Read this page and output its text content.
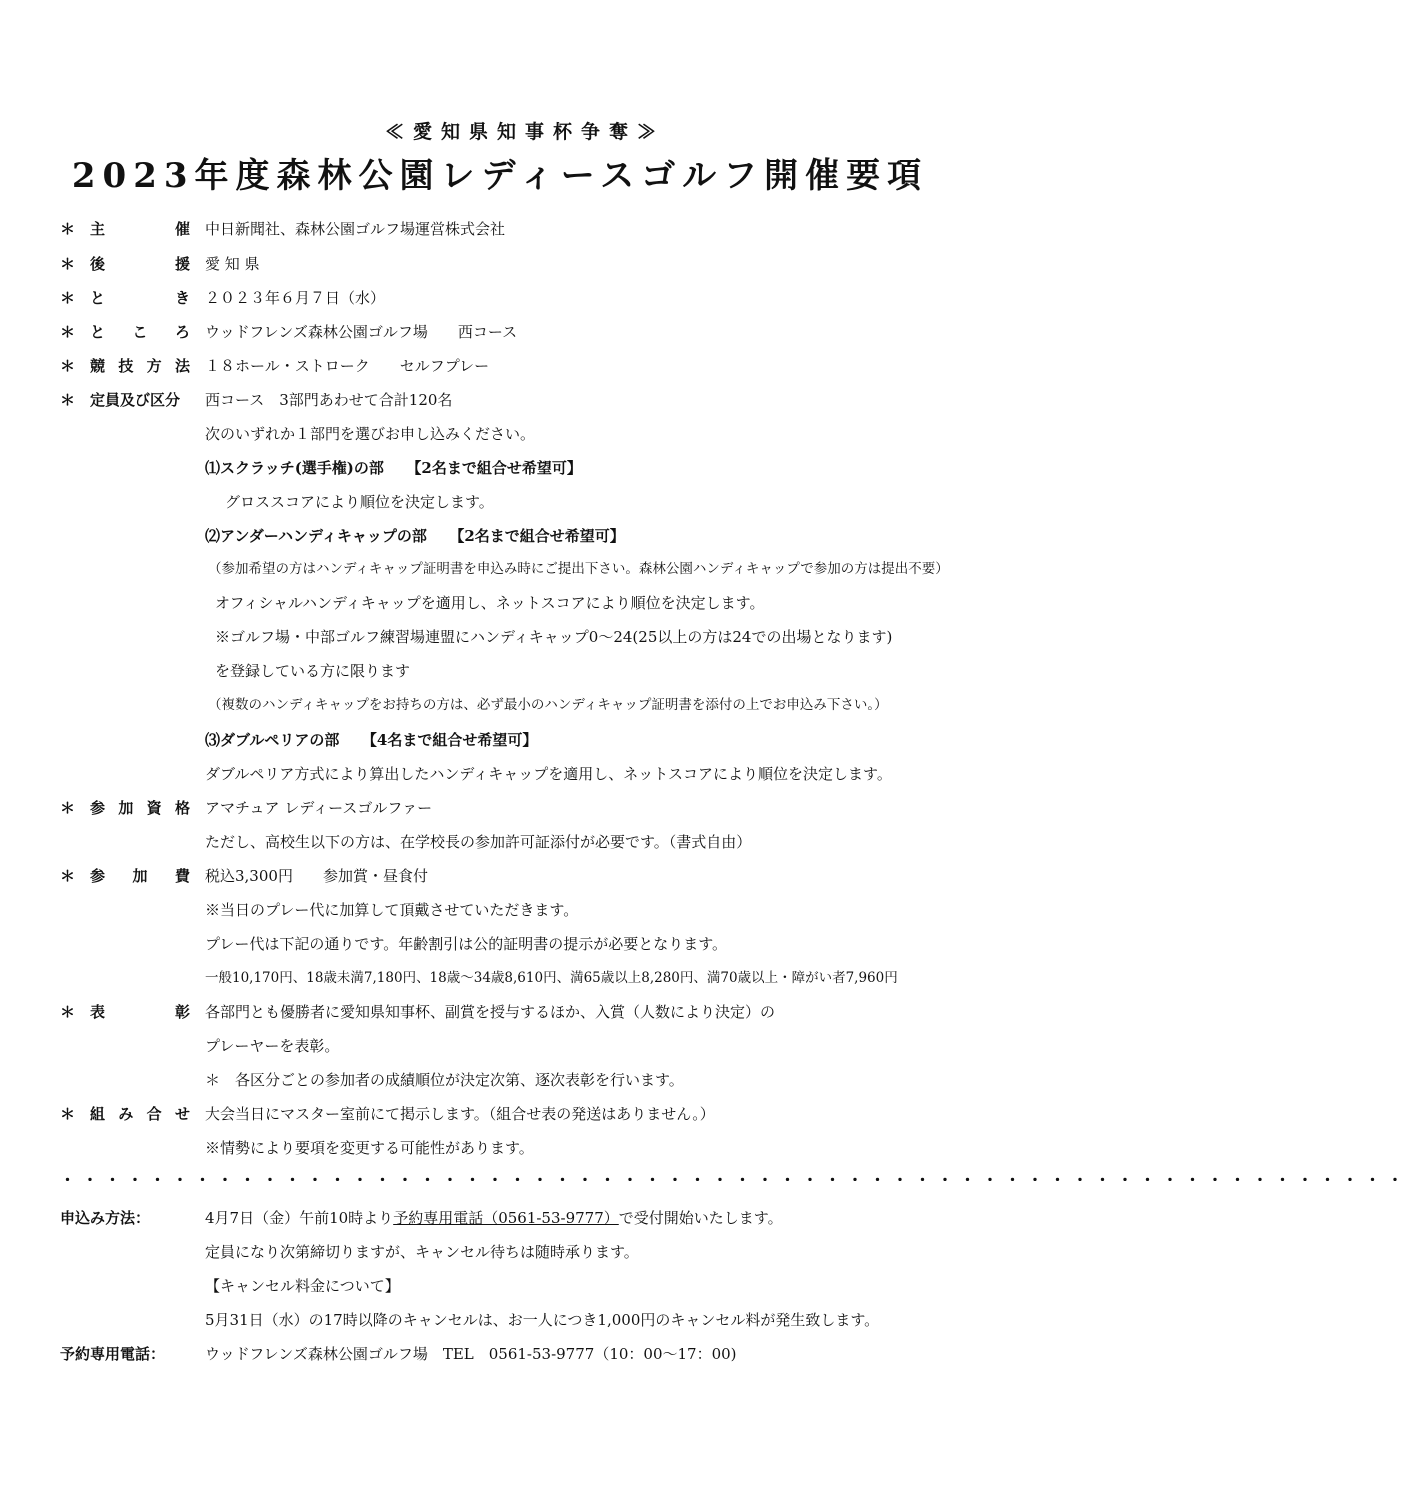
≪愛知県知事杯争奪≫
2023年度森林公園レディースゴルフ開催要項
＊ 主	催 中日新聞社、森林公園ゴルフ場運営株式会社
＊ 後	援 愛 知 県
＊ と	き ２０２３年６月７日（水）
＊ と こ ろ ウッドフレンズ森林公園ゴルフ場　　西コース
＊ 競 技 方 法 １８ホール・ストローク　　セルフプレー
＊ 定員及び区分 西コース　3部門あわせて合計120名
次のいずれか１部門を選びお申し込みください。
⑴スクラッチ(選手権)の部　　【2名まで組合せ希望可】
　グロススコアにより順位を決定します。
⑵アンダーハンディキャップの部　　【2名まで組合せ希望可】
（参加希望の方はハンディキャップ証明書を申込み時にご提出下さい。森林公園ハンディキャップで参加の方は提出不要）
オフィシャルハンディキャップを適用し、ネットスコアにより順位を決定します。
※ゴルフ場・中部ゴルフ練習場連盟にハンディキャップ0～24(25以上の方は24での出場となります)
を登録している方に限ります
（複数のハンディキャップをお持ちの方は、必ず最小のハンディキャップ証明書を添付の上でお申込み下さい。）
⑶ダブルペリアの部　　【4名まで組合せ希望可】
ダブルペリア方式により算出したハンディキャップを適用し、ネットスコアにより順位を決定します。
＊ 参 加 資 格 アマチュア レディースゴルファー
ただし、高校生以下の方は、在学校長の参加許可証添付が必要です。（書式自由）
＊ 参 加 費 税込3,300円　　参加賞・昼食付
※当日のプレー代に加算して頂戴させていただきます。
プレー代は下記の通りです。年齢割引は公的証明書の提示が必要となります。
一般10,170円、18歳未満7,180円、18歳～34歳8,610円、満65歳以上8,280円、満70歳以上・障がい者7,960円
＊ 表	彰 各部門とも優勝者に愛知県知事杯、副賞を授与するほか、入賞（人数により決定）の
プレーヤーを表彰。
＊　各区分ごとの参加者の成績順位が決定次第、逐次表彰を行います。
＊ 組 み 合 せ 大会当日にマスター室前にて掲示します。（組合せ表の発送はありません。）
※情勢により要項を変更する可能性があります。
・・・・・・・・・・・・・・・・・・・・・・・・・・・・・・・・・・・・・・・・・・・・・・・・・・・・・・・・・・・・
申込み方法：	4月7日（金）午前10時より予約専用電話（0561-53-9777）で受付開始いたします。
定員になり次第締切りますが、キャンセル待ちは随時承ります。
【キャンセル料金について】
5月31日（水）の17時以降のキャンセルは、お一人につき1,000円のキャンセル料が発生致します。
予約専用電話：	ウッドフレンズ森林公園ゴルフ場　TEL　0561-53-9777（10：00～17：00)
